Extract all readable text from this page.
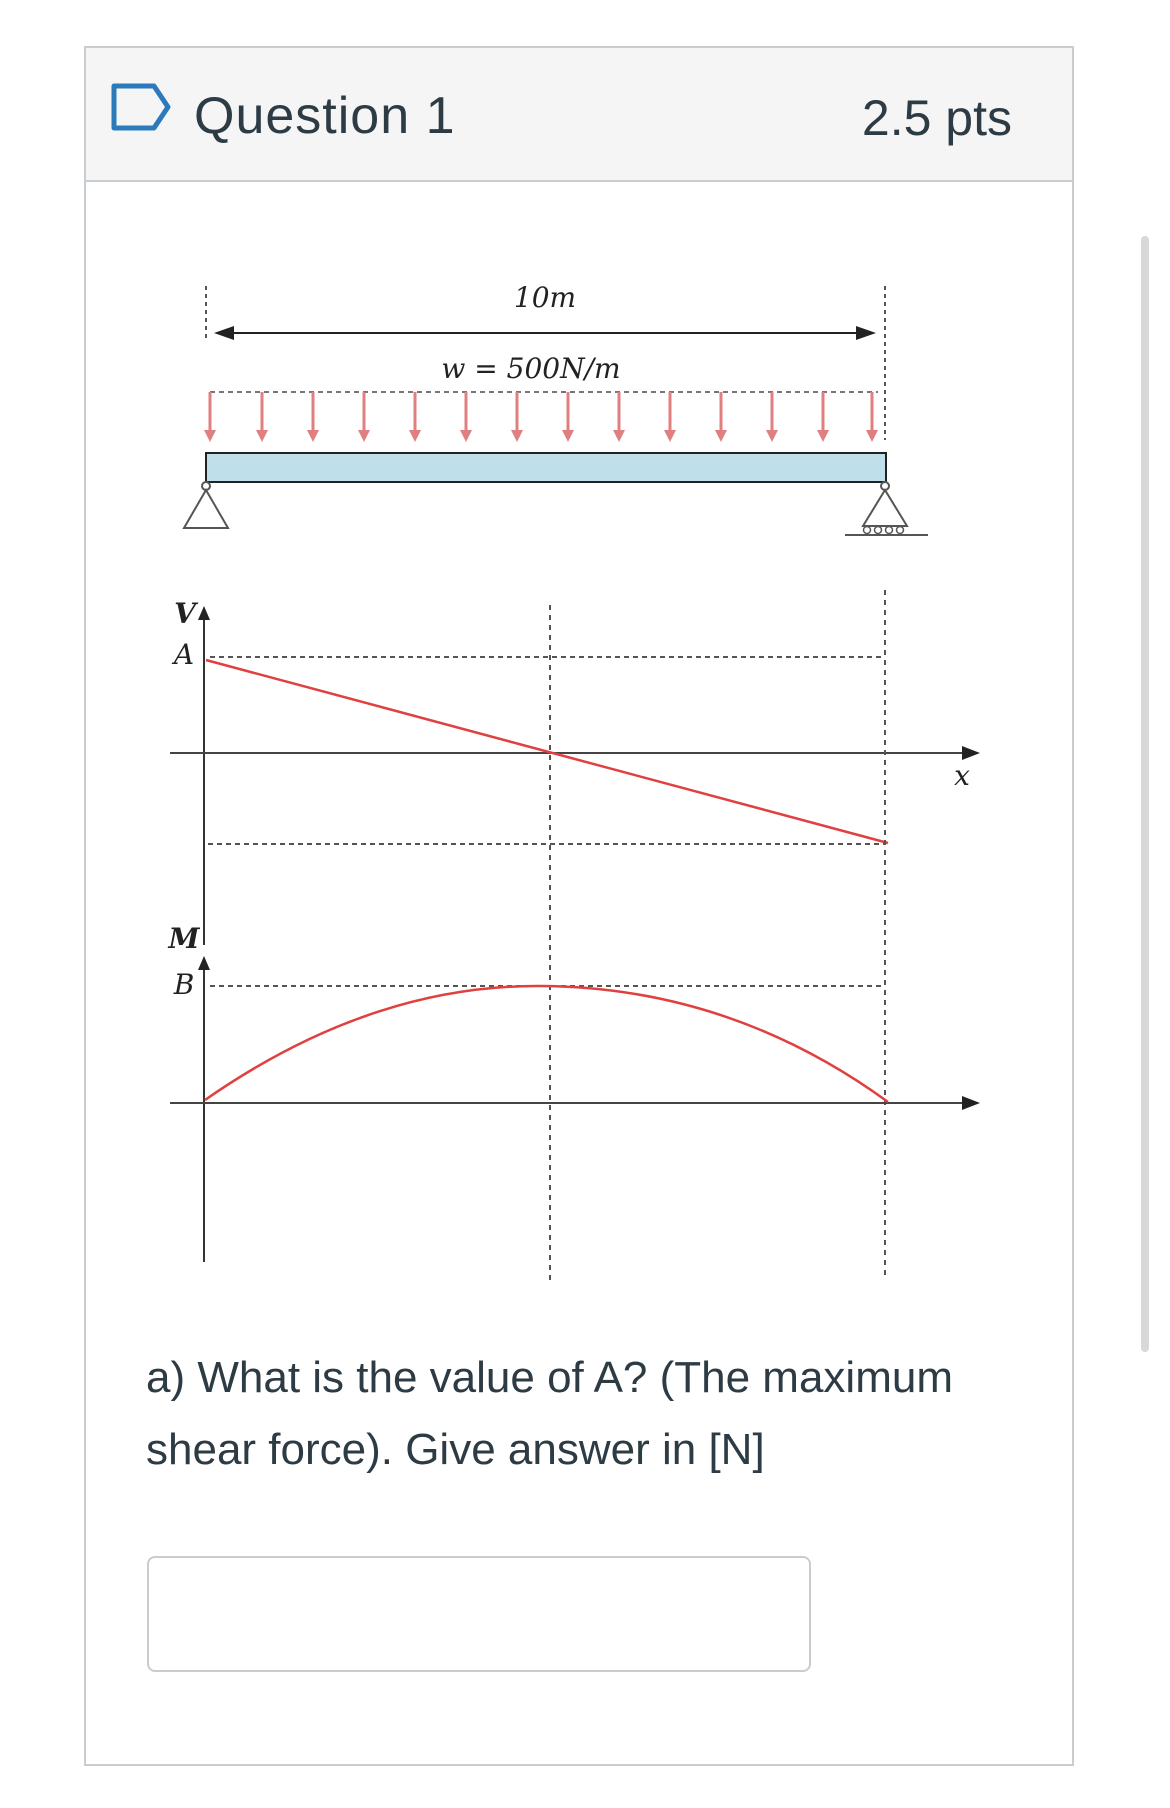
Question 1	2.5 pts
10m
w = 500N/m
V
A
x
M
B
a) What is the value of A? (The maximum shear force). Give answer in [N]
